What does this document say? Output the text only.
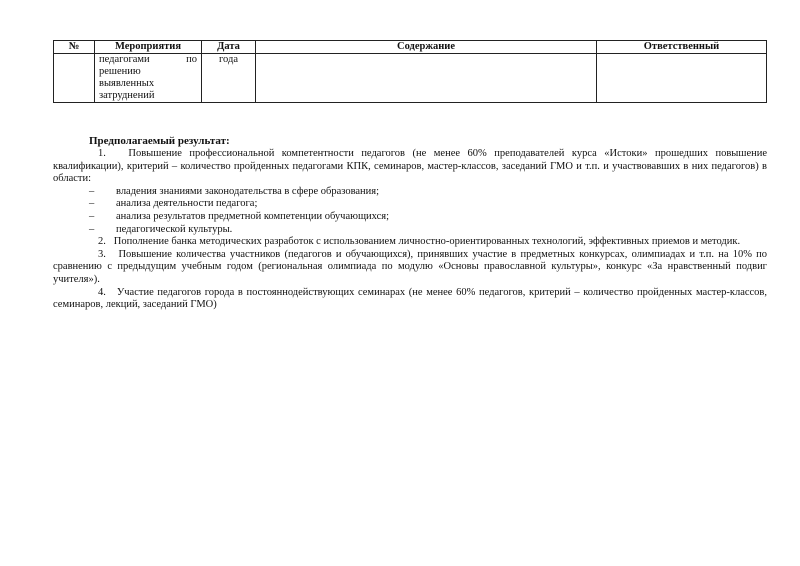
№	Мероприятия	Дата	Содержание	Ответственный
	педагогами по решению выявленных затруднений	года		
Предполагаемый результат:

1. Повышение профессиональной компетентности педагогов (не менее 60% преподавателей курса «Истоки» прошедших повышение квалификации), критерий – количество пройденных педагогами КПК, семинаров, мастер-классов, заседаний ГМО и т.п. и участвовавших в них педагогов) в области:

– владения знаниями законодательства в сфере образования;
– анализа деятельности педагога;
– анализа результатов предметной компетенции обучающихся;
– педагогической культуры.

2. Пополнение банка методических разработок с использованием личностно-ориентированных технологий, эффективных приемов и методик.

3. Повышение количества участников (педагогов и обучающихся), принявших участие в предметных конкурсах, олимпиадах и т.п. на 10% по сравнению с предыдущим учебным годом (региональная олимпиада по модулю «Основы православной культуры», конкурс «За нравственный подвиг учителя»).

4. Участие педагогов города в постояннодействующих семинарах (не менее 60% педагогов, критерий – количество пройденных мастер-классов, семинаров, лекций, заседаний ГМО)
